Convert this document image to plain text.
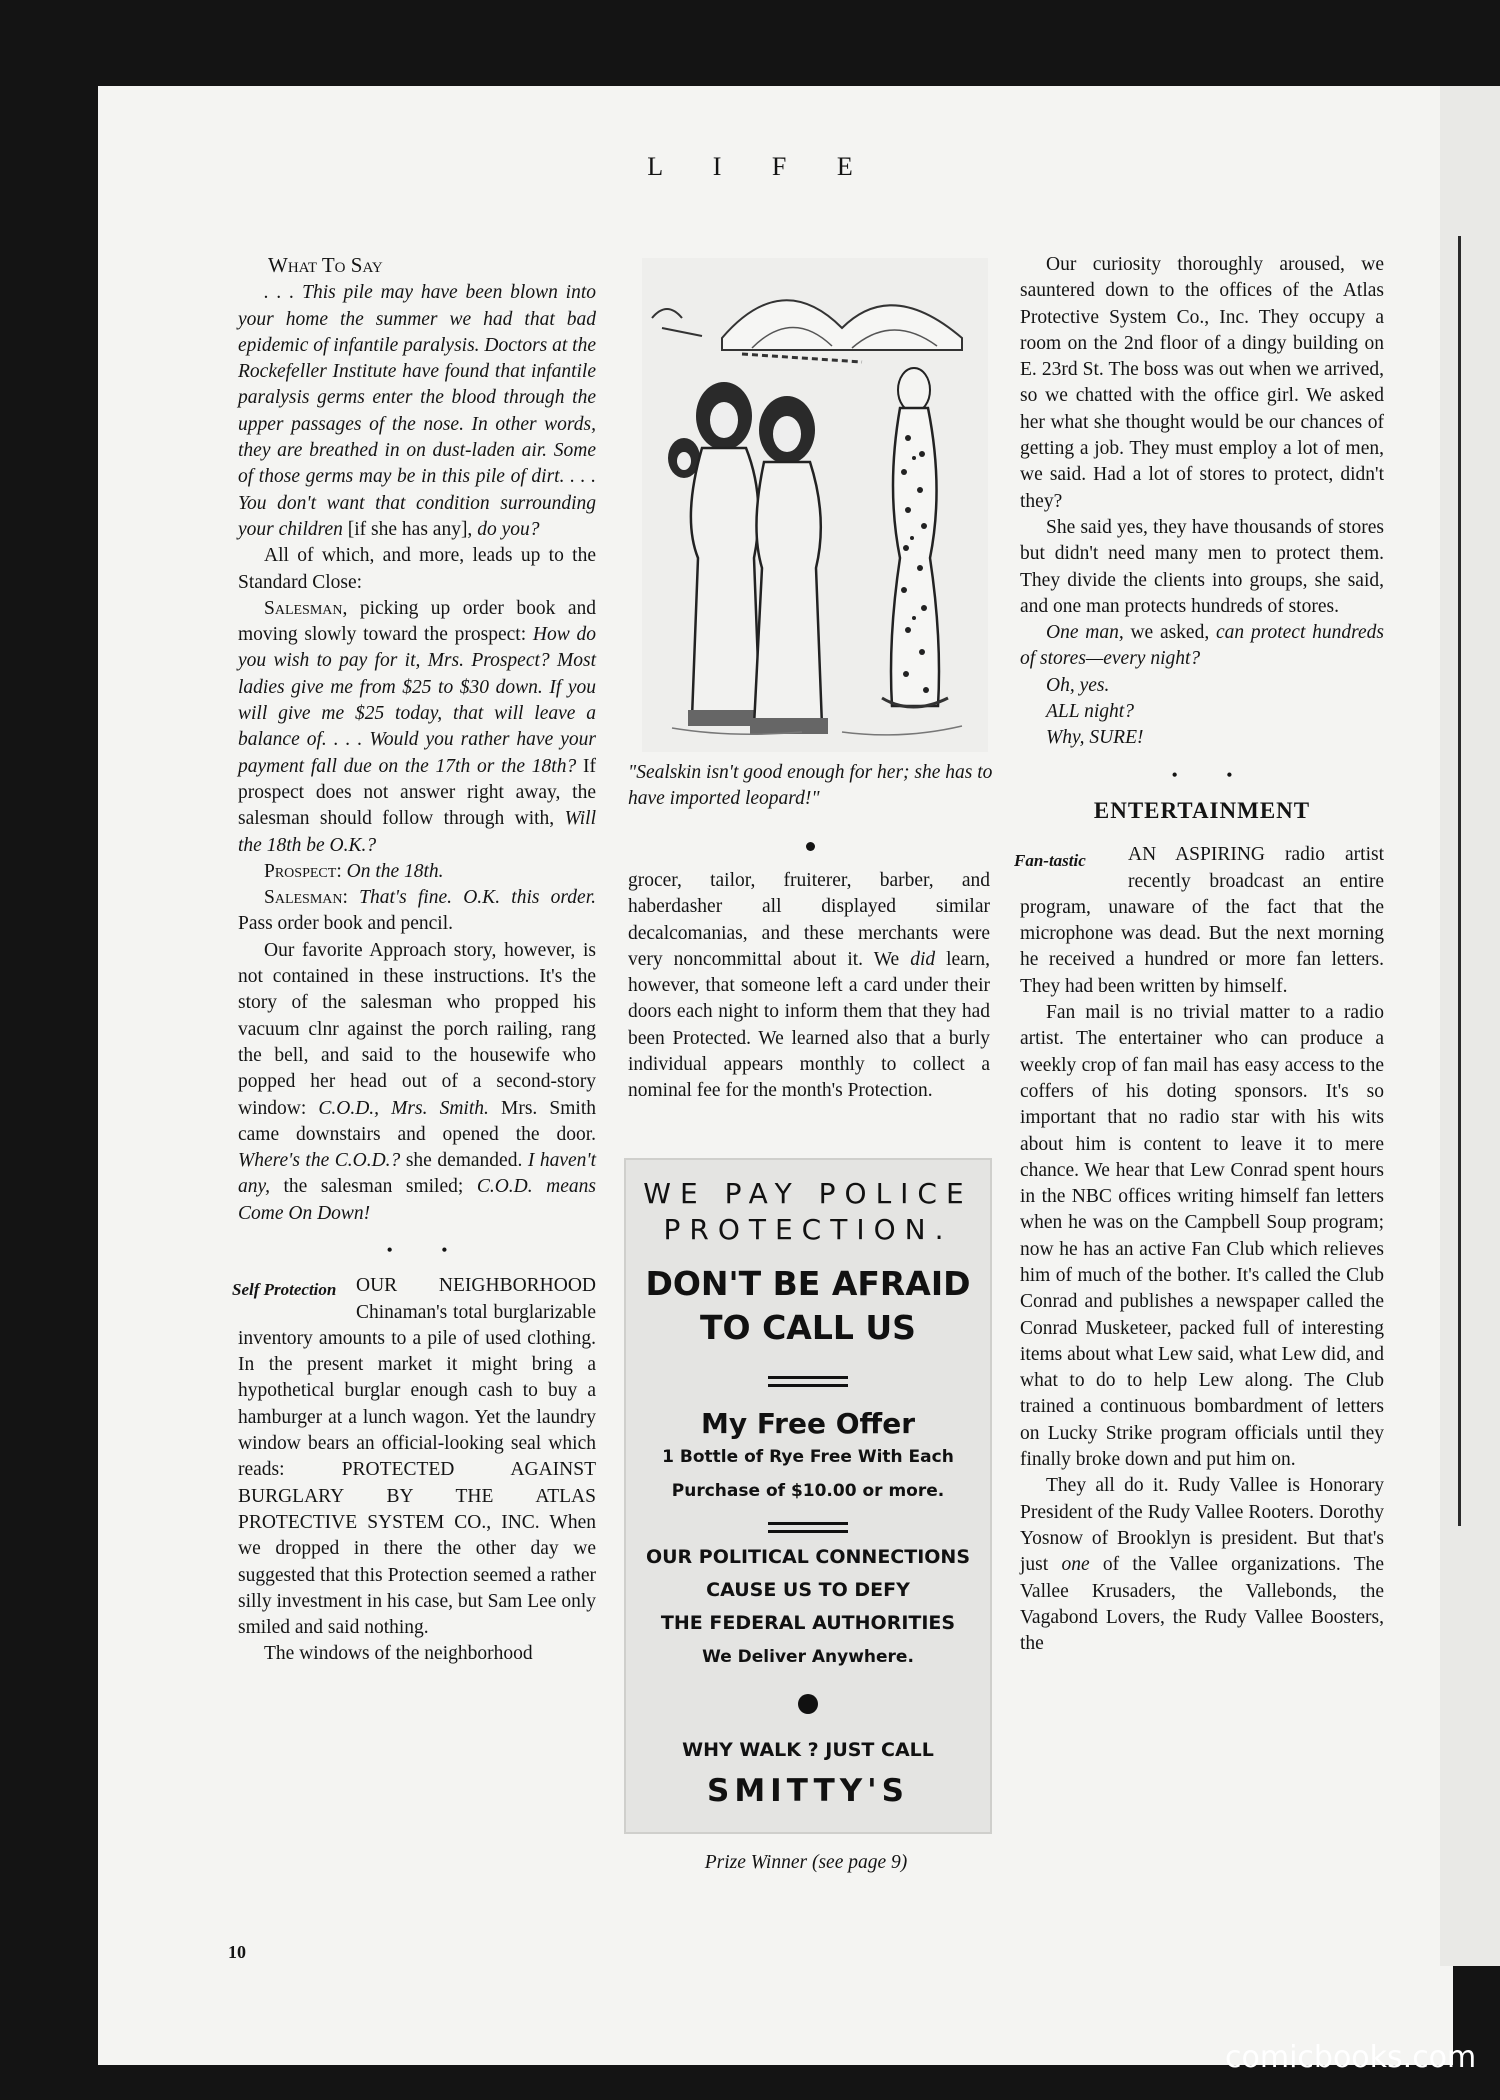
L I F E

What To Say

. . . This pile may have been blown into your home the summer we had that bad epidemic of infantile paralysis. Doctors at the Rockefeller Institute have found that infantile paralysis germs enter the blood through the upper passages of the nose. In other words, they are breathed in on dust-laden air. Some of those germs may be in this pile of dirt. . . . You don't want that condition surrounding your children [if she has any], do you?

All of which, and more, leads up to the Standard Close:

Salesman, picking up order book and moving slowly toward the prospect: How do you wish to pay for it, Mrs. Prospect? Most ladies give me from $25 to $30 down. If you will give me $25 today, that will leave a balance of. . . . Would you rather have your payment fall due on the 17th or the 18th? If prospect does not answer right away, the salesman should follow through with, Will the 18th be O.K.?

Prospect: On the 18th.

Salesman: That's fine. O.K. this order. Pass order book and pencil.

Our favorite Approach story, however, is not contained in these instructions. It's the story of the salesman who propped his vacuum clnr against the porch railing, rang the bell, and said to the housewife who popped her head out of a second-story window: C.O.D., Mrs. Smith. Mrs. Smith came downstairs and opened the door. Where's the C.O.D.? she demanded. I haven't any, the salesman smiled; C.O.D. means Come On Down!

• •

Self Protection	OUR NEIGHBORHOOD Chinaman's total burglarizable inventory amounts to a pile of used clothing. In the present market it might bring a hypothetical burglar enough cash to buy a hamburger at a lunch wagon. Yet the laundry window bears an official-looking seal which reads: PROTECTED AGAINST BURGLARY BY THE ATLAS PROTECTIVE SYSTEM CO., INC. When we dropped in there the other day we suggested that this Protection seemed a rather silly investment in his case, but Sam Lee only smiled and said nothing.

The windows of the neighborhood

"Sealskin isn't good enough for her; she has to have imported leopard!"

grocer, tailor, fruiterer, barber, and haberdasher all displayed similar decalcomanias, and these merchants were very noncommittal about it. We did learn, however, that someone left a card under their doors each night to inform them that they had been Protected. We learned also that a burly individual appears monthly to collect a nominal fee for the month's Protection.

WE PAY POLICE PROTECTION.
DON'T BE AFRAID TO CALL US
My Free Offer
1 Bottle of Rye Free With Each
Purchase of $10.00 or more.
OUR POLITICAL CONNECTIONS
CAUSE US TO DEFY
THE FEDERAL AUTHORITIES
We Deliver Anywhere.
WHY WALK ? JUST CALL
SMITTY'S
Prize Winner (see page 9)

Our curiosity thoroughly aroused, we sauntered down to the offices of the Atlas Protective System Co., Inc. They occupy a room on the 2nd floor of a dingy building on E. 23rd St. The boss was out when we arrived, so we chatted with the office girl. We asked her what she thought would be our chances of getting a job. They must employ a lot of men, we said. Had a lot of stores to protect, didn't they?

She said yes, they have thousands of stores but didn't need many men to protect them. They divide the clients into groups, she said, and one man protects hundreds of stores.

One man, we asked, can protect hundreds of stores—every night?

Oh, yes.

ALL night?

Why, SURE!

• •

ENTERTAINMENT

Fan-tastic	AN ASPIRING radio artist recently broadcast an entire program, unaware of the fact that the microphone was dead. But the next morning he received a hundred or more fan letters. They had been written by himself.

Fan mail is no trivial matter to a radio artist. The entertainer who can produce a weekly crop of fan mail has easy access to the coffers of his doting sponsors. It's so important that no radio star with his wits about him is content to leave it to mere chance. We hear that Lew Conrad spent hours in the NBC offices writing himself fan letters when he was on the Campbell Soup program; now he has an active Fan Club which relieves him of much of the bother. It's called the Club Conrad and publishes a newspaper called the Conrad Musketeer, packed full of interesting items about what Lew said, what Lew did, and what to do to help Lew along. The Club trained a continuous bombardment of letters on Lucky Strike program officials until they finally broke down and put him on.

They all do it. Rudy Vallee is Honorary President of the Rudy Vallee Rooters. Dorothy Yosnow of Brooklyn is president. But that's just one of the Vallee organizations. The Vallee Krusaders, the Vallebonds, the Vagabond Lovers, the Rudy Vallee Boosters, the

10
comicbooks.com
